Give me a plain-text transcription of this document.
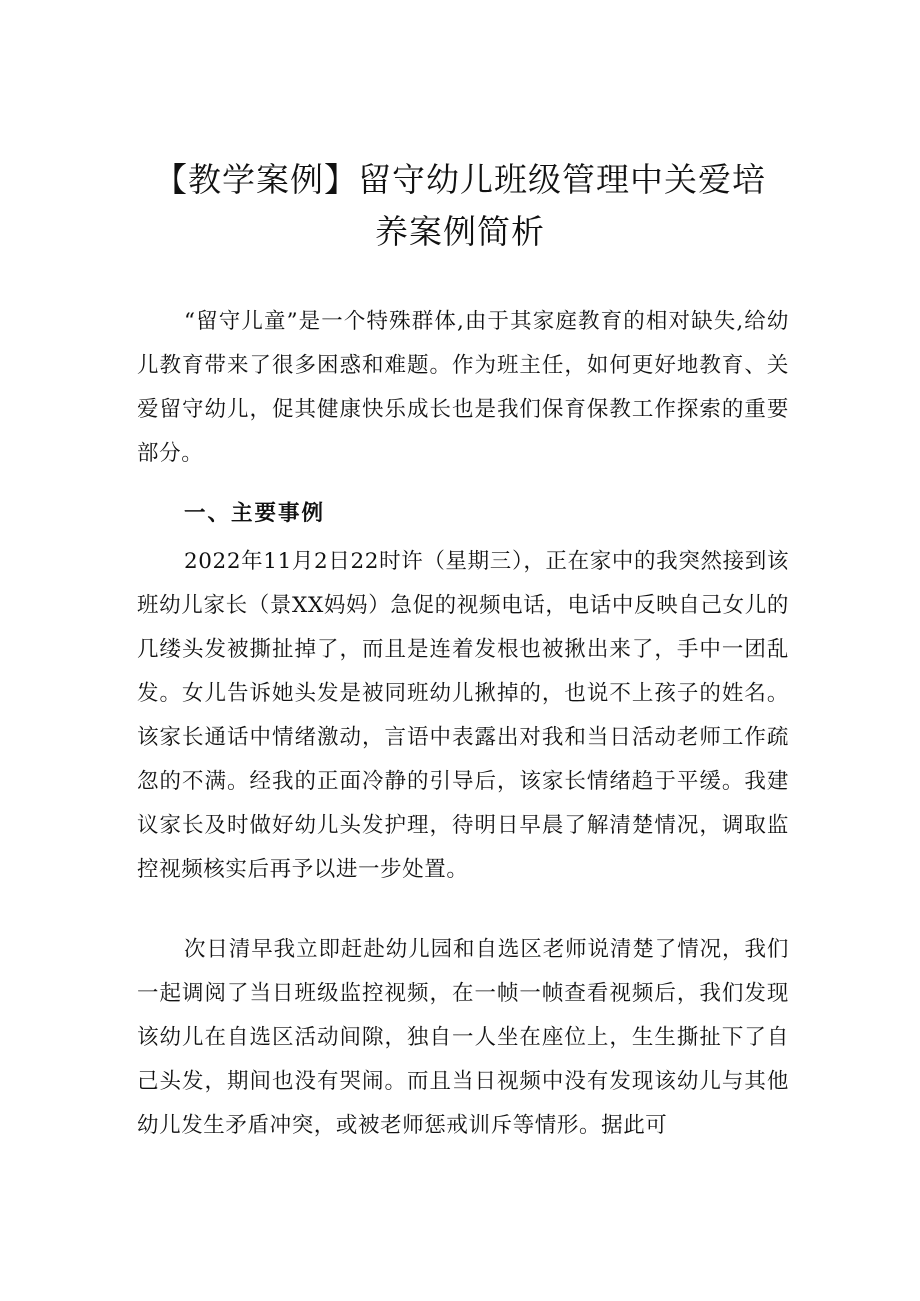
【教学案例】留守幼儿班级管理中关爱培
养案例简析

“留守儿童”是一个特殊群体,由于其家庭教育的相对缺失,给幼儿教育带来了很多困惑和难题。作为班主任，如何更好地教育、关爱留守幼儿，促其健康快乐成长也是我们保育保教工作探索的重要部分。

一、主要事例

2022年11月2日22时许（星期三），正在家中的我突然接到该班幼儿家长（景XX妈妈）急促的视频电话，电话中反映自己女儿的几缕头发被撕扯掉了，而且是连着发根也被揪出来了，手中一团乱发。女儿告诉她头发是被同班幼儿揪掉的，也说不上孩子的姓名。该家长通话中情绪激动，言语中表露出对我和当日活动老师工作疏忽的不满。经我的正面冷静的引导后，该家长情绪趋于平缓。我建议家长及时做好幼儿头发护理，待明日早晨了解清楚情况，调取监控视频核实后再予以进一步处置。

次日清早我立即赶赴幼儿园和自选区老师说清楚了情况，我们一起调阅了当日班级监控视频，在一帧一帧查看视频后，我们发现该幼儿在自选区活动间隙，独自一人坐在座位上，生生撕扯下了自己头发，期间也没有哭闹。而且当日视频中没有发现该幼儿与其他幼儿发生矛盾冲突，或被老师惩戒训斥等情形。据此可
